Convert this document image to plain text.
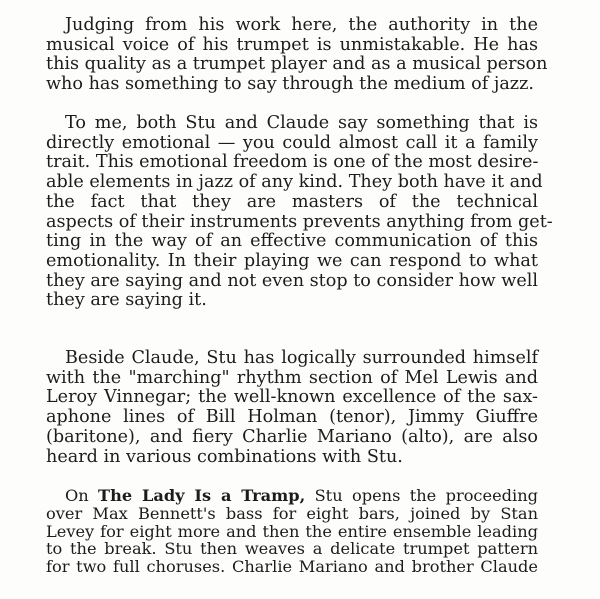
Judging from his work here, the authority in the
musical voice of his trumpet is unmistakable. He has
this quality as a trumpet player and as a musical person
who has something to say through the medium of jazz.

To me, both Stu and Claude say something that is
directly emotional — you could almost call it a family
trait. This emotional freedom is one of the most desire-
able elements in jazz of any kind. They both have it and
the fact that they are masters of the technical
aspects of their instruments prevents anything from get-
ting in the way of an effective communication of this
emotionality. In their playing we can respond to what
they are saying and not even stop to consider how well
they are saying it.

Beside Claude, Stu has logically surrounded himself
with the "marching" rhythm section of Mel Lewis and
Leroy Vinnegar; the well-known excellence of the sax-
aphone lines of Bill Holman (tenor), Jimmy Giuffre
(baritone), and fiery Charlie Mariano (alto), are also
heard in various combinations with Stu.

On The Lady Is a Tramp, Stu opens the proceeding
over Max Bennett's bass for eight bars, joined by Stan
Levey for eight more and then the entire ensemble leading
to the break. Stu then weaves a delicate trumpet pattern
for two full choruses. Charlie Mariano and brother Claude
